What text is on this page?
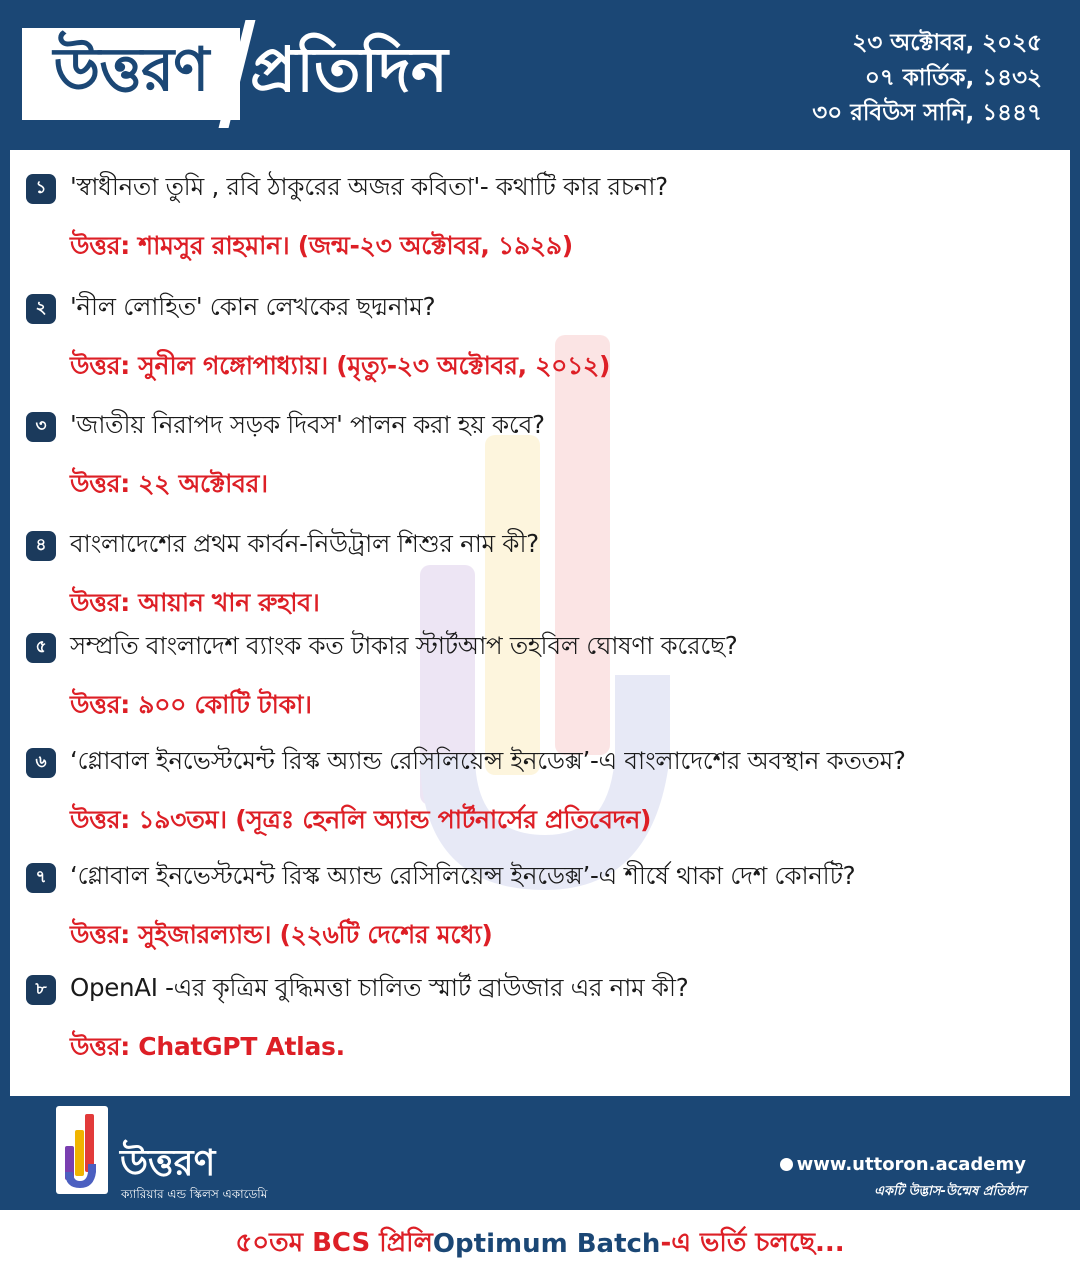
উত্তরণ প্রতিদিন	২৩ অক্টোবর, ২০২৫
০৭ কার্তিক, ১৪৩২
৩০ রবিউস সানি, ১৪৪৭
১ 'স্বাধীনতা তুমি , রবি ঠাকুরের অজর কবিতা'- কথাটি কার রচনা?
উত্তর: শামসুর রাহমান। (জন্ম-২৩ অক্টোবর, ১৯২৯)
২ 'নীল লোহিত' কোন লেখকের ছদ্মনাম?
উত্তর: সুনীল গঙ্গোপাধ্যায়। (মৃত্যু-২৩ অক্টোবর, ২০১২)
৩ 'জাতীয় নিরাপদ সড়ক দিবস' পালন করা হয় কবে?
উত্তর: ২২ অক্টোবর।
৪ বাংলাদেশের প্রথম কার্বন-নিউট্রাল শিশুর নাম কী?
উত্তর: আয়ান খান রুহাব।
৫ সম্প্রতি বাংলাদেশ ব্যাংক কত টাকার স্টার্টআপ তহবিল ঘোষণা করেছে?
উত্তর: ৯০০ কোটি টাকা।
৬ ‘গ্লোবাল ইনভেস্টমেন্ট রিস্ক অ্যান্ড রেসিলিয়েন্স ইনডেক্স’-এ বাংলাদেশের অবস্থান কততম?
উত্তর: ১৯৩তম। (সূত্রঃ হেনলি অ্যান্ড পার্টনার্সের প্রতিবেদন)
৭ ‘গ্লোবাল ইনভেস্টমেন্ট রিস্ক অ্যান্ড রেসিলিয়েন্স ইনডেক্স’-এ শীর্ষে থাকা দেশ কোনটি?
উত্তর: সুইজারল্যান্ড। (২২৬টি দেশের মধ্যে)
৮ OpenAI -এর কৃত্রিম বুদ্ধিমত্তা চালিত স্মার্ট ব্রাউজার এর নাম কী?
উত্তর: ChatGPT Atlas.
উত্তরণ
ক্যারিয়ার এন্ড স্কিলস একাডেমি
www.uttoron.academy
একটি উদ্ভাস-উন্মেষ প্রতিষ্ঠান
৫০তম BCS প্রিলি Optimum Batch -এ ভর্তি চলছে...
